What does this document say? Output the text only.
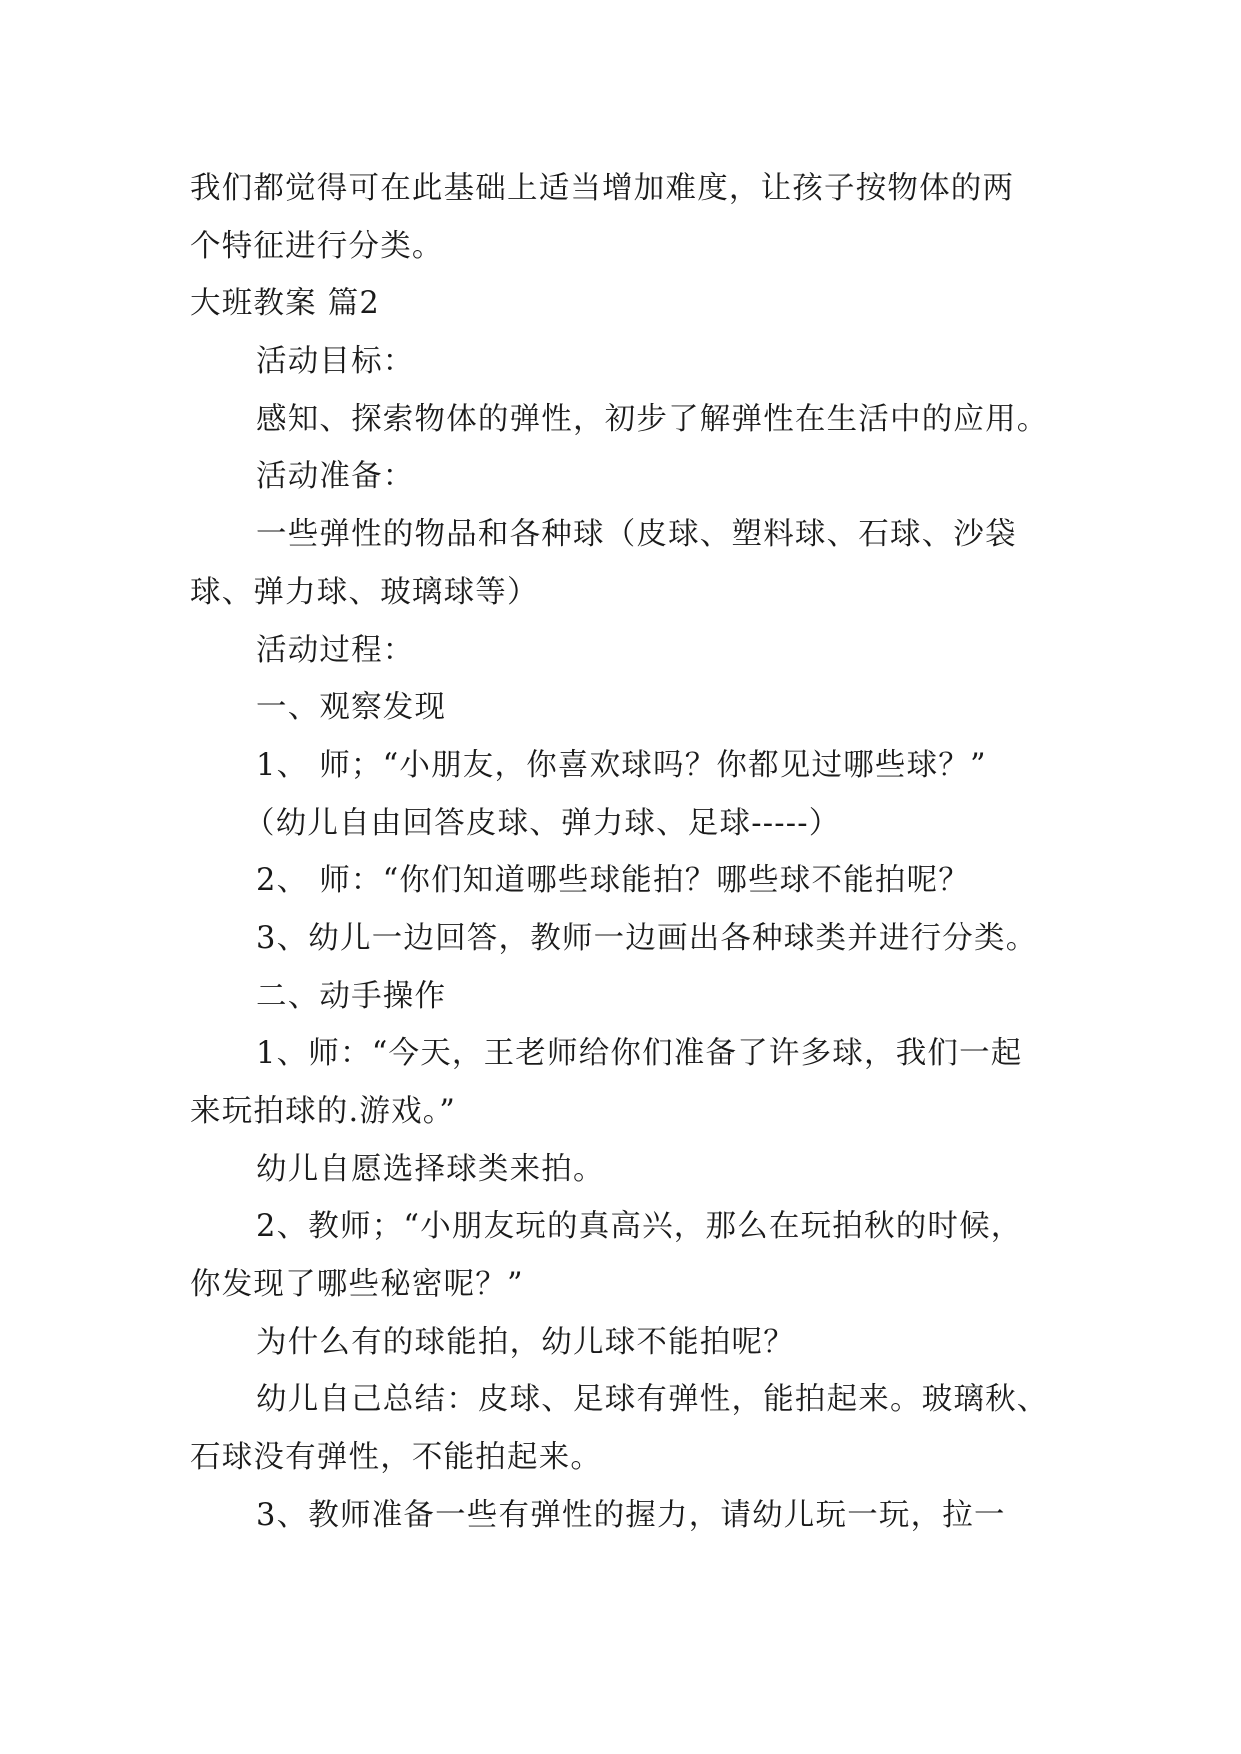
我们都觉得可在此基础上适当增加难度，让孩子按物体的两
个特征进行分类。
大班教案 篇2
活动目标：
感知、探索物体的弹性，初步了解弹性在生活中的应用。
活动准备：
一些弹性的物品和各种球（皮球、塑料球、石球、沙袋
球、弹力球、玻璃球等）
活动过程：
一、观察发现
1、 师；“小朋友，你喜欢球吗？你都见过哪些球？”
（幼儿自由回答皮球、弹力球、足球-----）
2、 师：“你们知道哪些球能拍？哪些球不能拍呢？
3、幼儿一边回答，教师一边画出各种球类并进行分类。
二、动手操作
1、师：“今天，王老师给你们准备了许多球，我们一起
来玩拍球的.游戏。”
幼儿自愿选择球类来拍。
2、教师；“小朋友玩的真高兴，那么在玩拍秋的时候，
你发现了哪些秘密呢？”
为什么有的球能拍，幼儿球不能拍呢？
幼儿自己总结：皮球、足球有弹性，能拍起来。玻璃秋、
石球没有弹性，不能拍起来。
3、教师准备一些有弹性的握力，请幼儿玩一玩，拉一
